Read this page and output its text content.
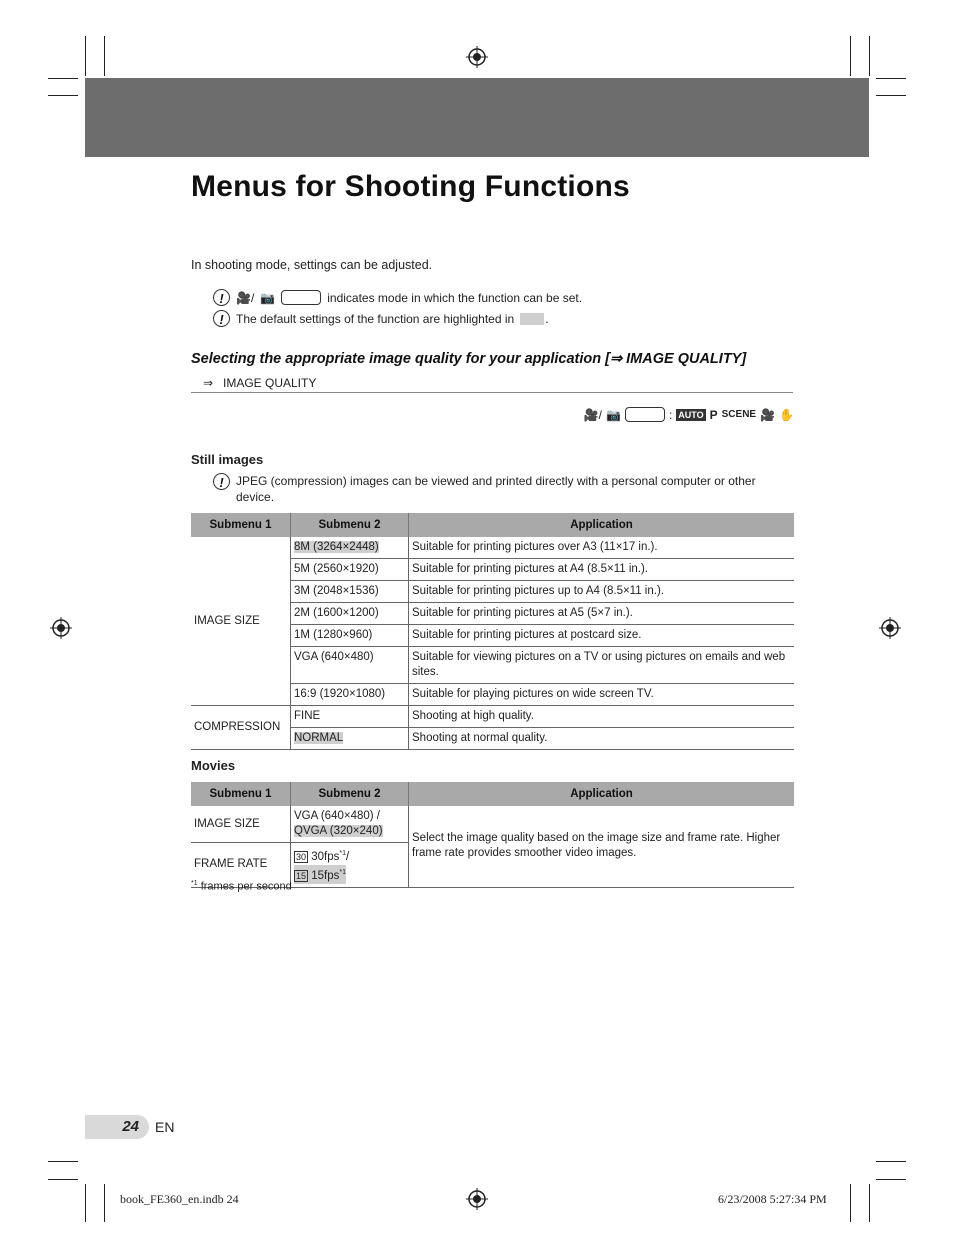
Menus for Shooting Functions
In shooting mode, settings can be adjusted.
!	🎥/ 📷	indicates mode in which the function can be set.
!	The default settings of the function are highlighted in	.
Selecting the appropriate image quality for your application [⇒ IMAGE QUALITY]
⇒ IMAGE QUALITY
🎥/ 📷	: AUTO P SCENE 🎥 ✋
Still images
!	JPEG (compression) images can be viewed and printed directly with a personal computer or other device.
Submenu 1	Submenu 2	Application
IMAGE SIZE	8M (3264×2448)	Suitable for printing pictures over A3 (11×17 in.).
	5M (2560×1920)	Suitable for printing pictures at A4 (8.5×11 in.).
	3M (2048×1536)	Suitable for printing pictures up to A4 (8.5×11 in.).
	2M (1600×1200)	Suitable for printing pictures at A5 (5×7 in.).
	1M (1280×960)	Suitable for printing pictures at postcard size.
	VGA (640×480)	Suitable for viewing pictures on a TV or using pictures on emails and web sites.
	16:9 (1920×1080)	Suitable for playing pictures on wide screen TV.
COMPRESSION	FINE	Shooting at high quality.
	NORMAL	Shooting at normal quality.
Movies
Submenu 1	Submenu 2	Application
IMAGE SIZE	VGA (640×480) /
QVGA (320×240)	Select the image quality based on the image size and frame rate. Higher frame rate provides smoother video images.
FRAME RATE	30 30fps$^{*1}$/
15 15fps$^{*1}$
$^{*1}$ frames per second
24 EN
book_FE360_en.indb 24	6/23/2008 5:27:34 PM
